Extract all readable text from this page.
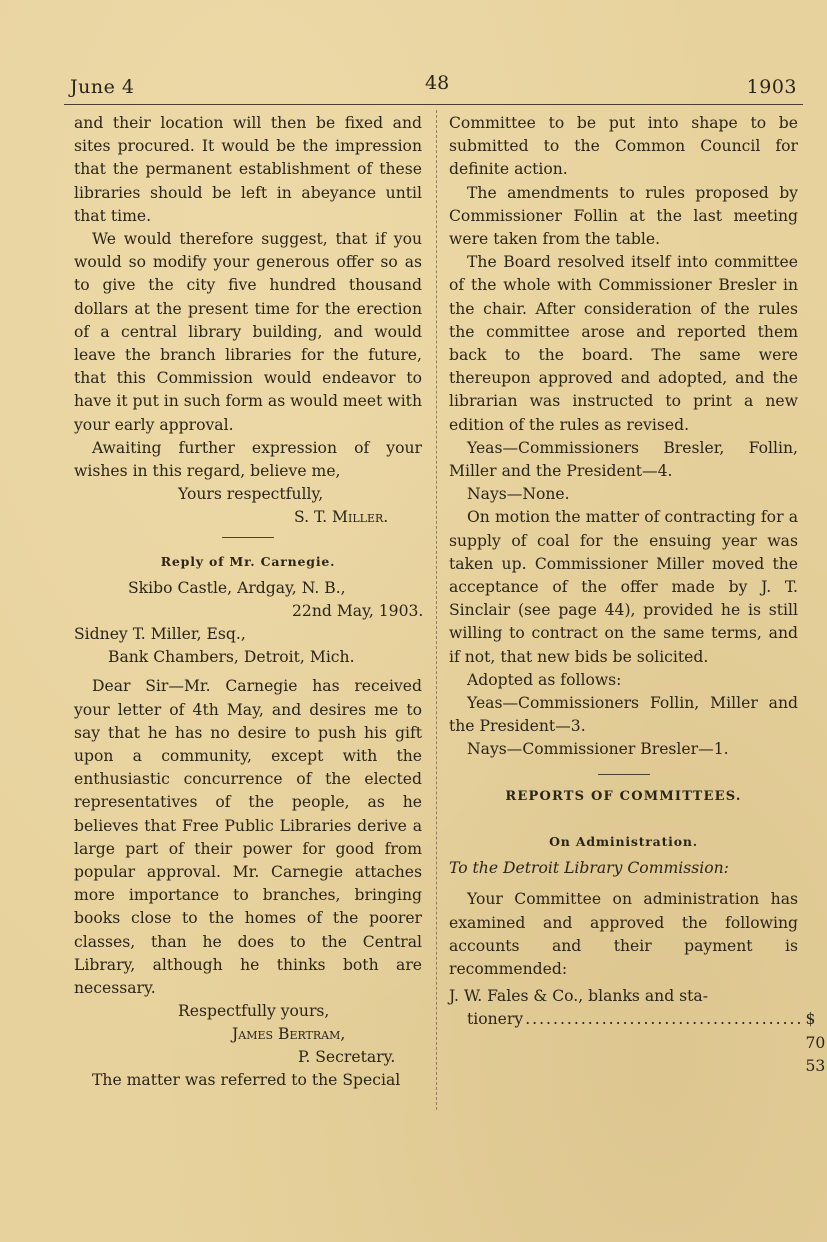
June 4	48	1903

and their location will then be fixed and sites procured. It would be the impression that the permanent establishment of these libraries should be left in abeyance until that time.

We would therefore suggest, that if you would so modify your generous offer so as to give the city five hundred thousand dollars at the present time for the erection of a central library building, and would leave the branch libraries for the future, that this Commission would endeavor to have it put in such form as would meet with your early approval.

Awaiting further expression of your wishes in this regard, believe me,

Yours respectfully,
S. T. Miller.
Reply of Mr. Carnegie.
Skibo Castle, Ardgay, N. B.,
22nd May, 1903.
Sidney T. Miller, Esq.,
Bank Chambers, Detroit, Mich.

Dear Sir—Mr. Carnegie has received your letter of 4th May, and desires me to say that he has no desire to push his gift upon a community, except with the enthusiastic concurrence of the elected representatives of the people, as he believes that Free Public Libraries derive a large part of their power for good from popular approval. Mr. Carnegie attaches more importance to branches, bringing books close to the homes of the poorer classes, than he does to the Central Library, although he thinks both are necessary.

Respectfully yours,
James Bertram,
P. Secretary.

The matter was referred to the Special

Committee to be put into shape to be submitted to the Common Council for definite action.

The amendments to rules proposed by Commissioner Follin at the last meeting were taken from the table.

The Board resolved itself into committee of the whole with Commissioner Bresler in the chair. After consideration of the rules the committee arose and reported them back to the board. The same were thereupon approved and adopted, and the librarian was instructed to print a new edition of the rules as revised.

Yeas—Commissioners Bresler, Follin, Miller and the President—4.

Nays—None.

On motion the matter of contracting for a supply of coal for the ensuing year was taken up. Commissioner Miller moved the acceptance of the offer made by J. T. Sinclair (see page 44), provided he is still willing to contract on the same terms, and if not, that new bids be solicited.

Adopted as follows:

Yeas—Commissioners Follin, Miller and the President—3.

Nays—Commissioner Bresler—1.

REPORTS OF COMMITTEES.
On Administration.

To the Detroit Library Commission:

Your Committee on administration has examined and approved the following accounts and their payment is recommended:

J. W. Fales & Co., blanks and sta-

tionery ........................................ $ 70 53
